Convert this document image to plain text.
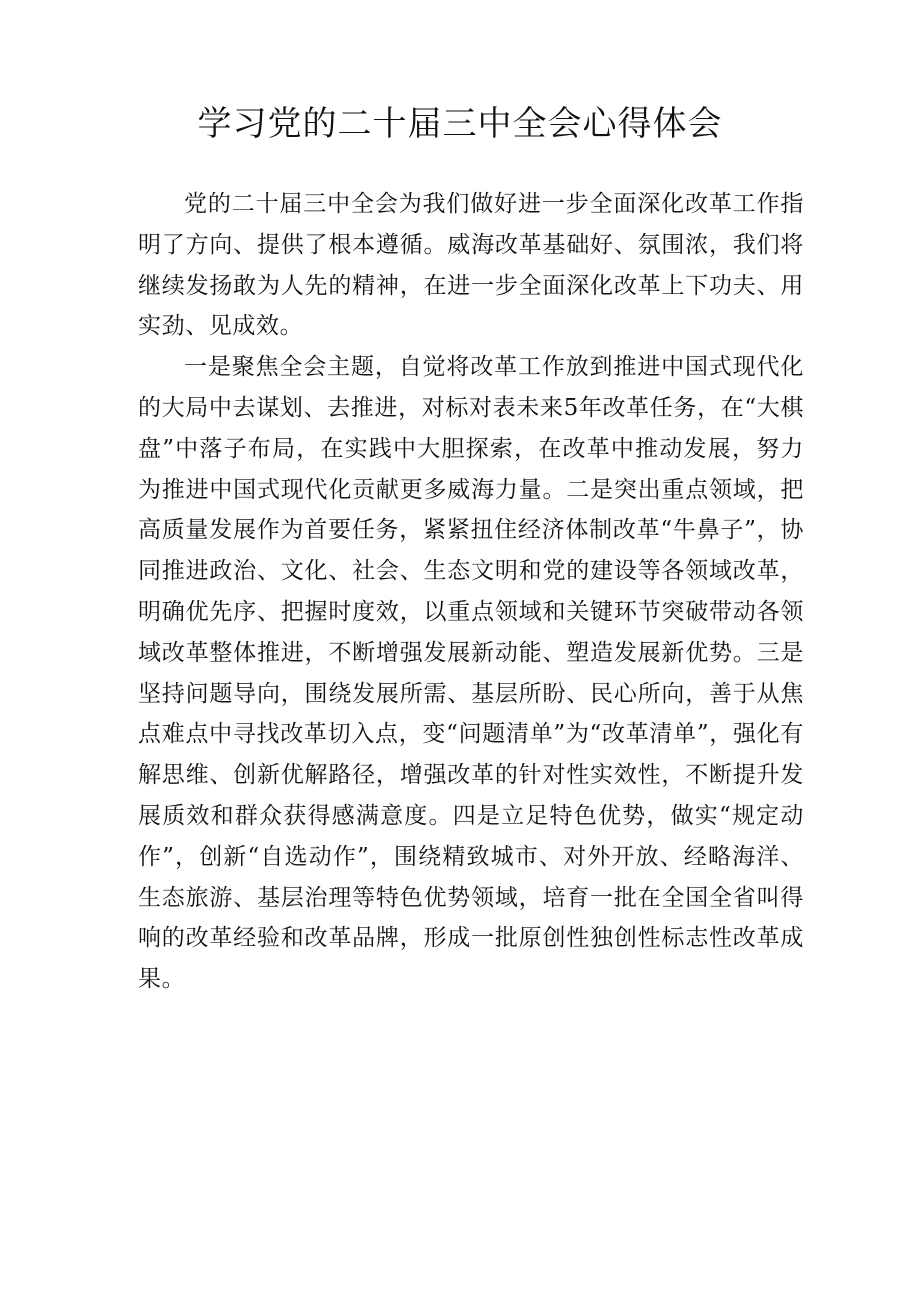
学习党的二十届三中全会心得体会

党的二十届三中全会为我们做好进一步全面深化改革工作指明了方向、提供了根本遵循。威海改革基础好、氛围浓，我们将继续发扬敢为人先的精神，在进一步全面深化改革上下功夫、用实劲、见成效。

一是聚焦全会主题，自觉将改革工作放到推进中国式现代化的大局中去谋划、去推进，对标对表未来5年改革任务，在“大棋盘”中落子布局，在实践中大胆探索，在改革中推动发展，努力为推进中国式现代化贡献更多威海力量。二是突出重点领域，把高质量发展作为首要任务，紧紧扭住经济体制改革“牛鼻子”，协同推进政治、文化、社会、生态文明和党的建设等各领域改革，明确优先序、把握时度效，以重点领域和关键环节突破带动各领域改革整体推进，不断增强发展新动能、塑造发展新优势。三是坚持问题导向，围绕发展所需、基层所盼、民心所向，善于从焦点难点中寻找改革切入点，变“问题清单”为“改革清单”，强化有解思维、创新优解路径，增强改革的针对性实效性，不断提升发展质效和群众获得感满意度。四是立足特色优势，做实“规定动作”，创新“自选动作”，围绕精致城市、对外开放、经略海洋、生态旅游、基层治理等特色优势领域，培育一批在全国全省叫得响的改革经验和改革品牌，形成一批原创性独创性标志性改革成果。
